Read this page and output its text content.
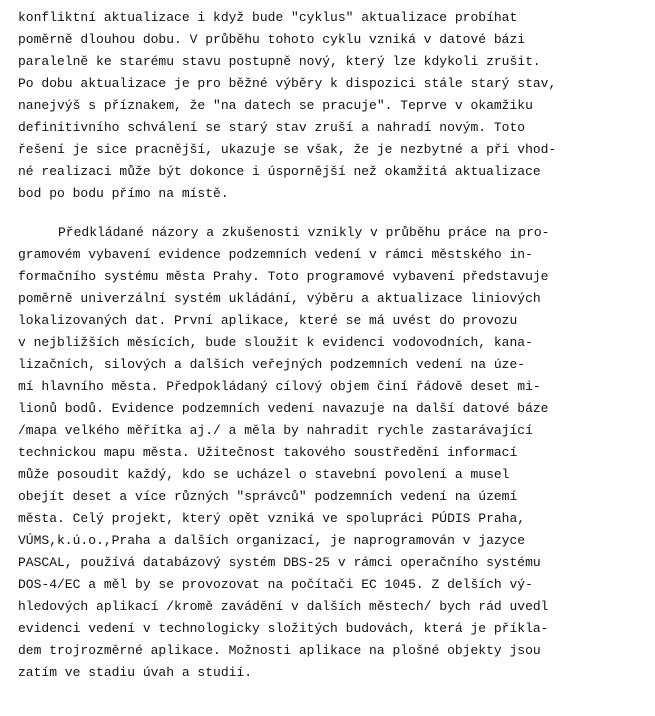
konfliktní aktualizace i když bude "cyklus" aktualizace probíhat
poměrně dlouhou dobu. V průběhu tohoto cyklu vzniká v datové bázi
paralelně ke starému stavu postupně nový, který lze kdykoli zrušit.
Po dobu aktualizace je pro běžné výběry k dispozici stále starý stav,
nanejvýš s příznakem, že "na datech se pracuje". Teprve v okamžiku
definitivního schválení se starý stav zruší a nahradí novým. Toto
řešení je sice pracnější, ukazuje se však, že je nezbytné a při vhod-
né realizaci může být dokonce i úspornější než okamžitá aktualizace
bod po bodu přímo na místě.
Předkládané názory a zkušenosti vznikly v průběhu práce na pro-
gramovém vybavení evidence podzemních vedení v rámci městského in-
formačního systému města Prahy. Toto programové vybavení představuje
poměrně univerzální systém ukládání, výběru a aktualizace liniových
lokalizovaných dat. První aplikace, které se má uvést do provozu
v nejbližších měsících, bude sloužit k evidenci vodovodních, kana-
lizačních, silových a dalších veřejných podzemních vedení na úze-
mí hlavního města. Předpokládaný cílový objem činí řádově deset mi-
lionů bodů. Evidence podzemních vedení navazuje na další datové báze
/mapa velkého měřítka aj./ a měla by nahradit rychle zastarávající
technickou mapu města. Užitečnost takového soustředění informací
může posoudit každý, kdo se ucházel o stavební povolení a musel
obejít deset a více různých "správců" podzemních vedení na území
města. Celý projekt, který opět vzniká ve spolupráci PÚDIS Praha,
VÚMS,k.ú.o.,Praha a dalších organizací, je naprogramován v jazyce
PASCAL, používá databázový systém DBS-25 v rámci operačního systému
DOS-4/EC a měl by se provozovat na počítači EC 1045. Z delších vý-
hledových aplikací /kromě zavádění v dalších městech/ bych rád uvedl
evidenci vedení v technologicky složitých budovách, která je příkla-
dem trojrozměrné aplikace. Možnosti aplikace na plošné objekty jsou
zatím ve stadiu úvah a studií.
